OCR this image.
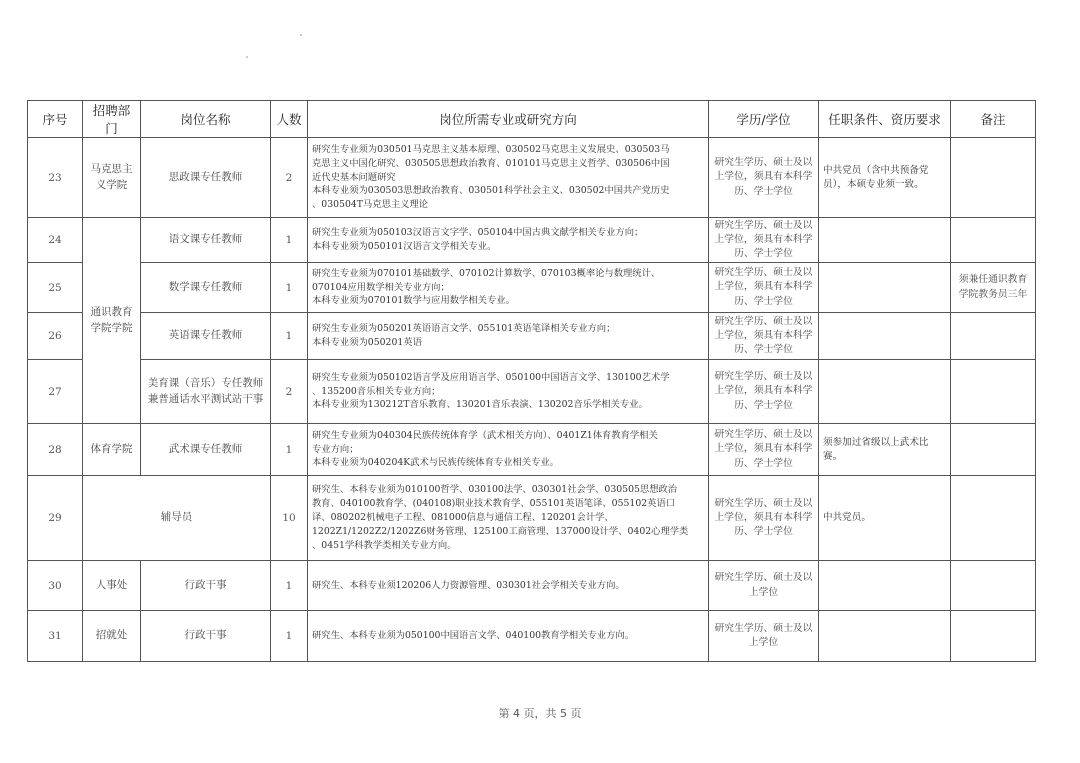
序号	招聘部门	岗位名称	人数	岗位所需专业或研究方向	学历/学位	任职条件、资历要求	备注
23	马克思主义学院	思政课专任教师	2	研究生专业须为030501马克思主义基本原理、030502马克思主义发展史、030503马
克思主义中国化研究、030505思想政治教育、010101马克思主义哲学、030506中国
近代史基本问题研究
本科专业须为030503思想政治教育、030501科学社会主义、030502中国共产党历史
、030504T马克思主义理论	研究生学历、硕士及以上学位，须具有本科学历、学士学位	中共党员（含中共预备党员），本硕专业须一致。	
24	通识教育学院学院	语文课专任教师	1	研究生专业须为050103汉语言文字学、050104中国古典文献学相关专业方向；
本科专业须为050101汉语言文学相关专业。	研究生学历、硕士及以上学位，须具有本科学历、学士学位		
25		数学课专任教师	1	研究生专业须为070101基础数学、070102计算数学、070103概率论与数理统计、
070104应用数学相关专业方向；
本科专业须为070101数学与应用数学相关专业。	研究生学历、硕士及以上学位，须具有本科学历、学士学位		须兼任通识教育学院教务员三年
26		英语课专任教师	1	研究生专业须为050201英语语言文学、055101英语笔译相关专业方向；
本科专业须为050201英语	研究生学历、硕士及以上学位，须具有本科学历、学士学位		
27		美育课（音乐）专任教师兼普通话水平测试站干事	2	研究生专业须为050102语言学及应用语言学、050100中国语言文学、130100艺术学
、135200音乐相关专业方向；
本科专业须为130212T音乐教育、130201音乐表演、130202音乐学相关专业。	研究生学历、硕士及以上学位，须具有本科学历、学士学位		
28	体育学院	武术课专任教师	1	研究生专业须为040304民族传统体育学（武术相关方向）、0401Z1体育教育学相关
专业方向；
本科专业须为040204K武术与民族传统体育专业相关专业。	研究生学历、硕士及以上学位，须具有本科学历、学士学位	须参加过省级以上武术比赛。	
29	辅导员		10	研究生、本科专业须为010100哲学、030100法学、030301社会学、030505思想政治
教育、040100教育学、(040108)职业技术教育学、055101英语笔译、055102英语口
译、080202机械电子工程、081000信息与通信工程、120201会计学、
1202Z1/1202Z2/1202Z6财务管理、125100工商管理、137000设计学、0402心理学类
、0451学科教学类相关专业方向。	研究生学历、硕士及以上学位，须具有本科学历、学士学位	中共党员。	
30	人事处	行政干事	1	研究生、本科专业须120206人力资源管理、030301社会学相关专业方向。	研究生学历、硕士及以上学位		
31	招就处	行政干事	1	研究生、本科专业须为050100中国语言文学、040100教育学相关专业方向。	研究生学历、硕士及以上学位		
第 4 页，共 5 页
